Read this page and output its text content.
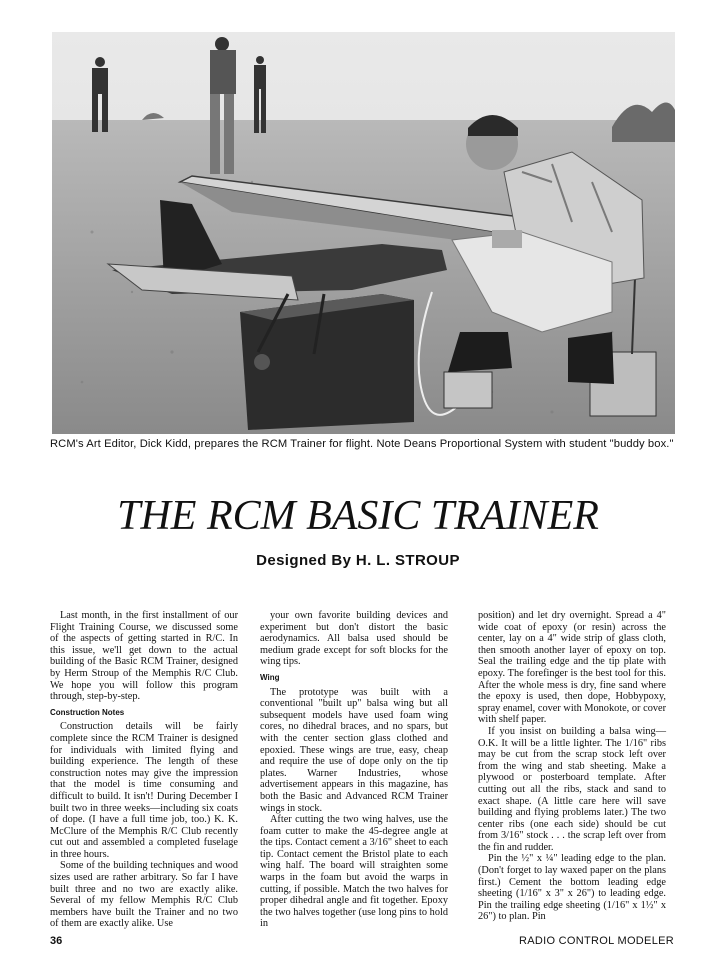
RCM's Art Editor, Dick Kidd, prepares the RCM Trainer for flight. Note Deans Proportional System with student "buddy box."
THE RCM BASIC TRAINER
Designed By H. L. STROUP

Last month, in the first installment of our Flight Training Course, we discussed some of the aspects of getting started in R/C. In this issue, we'll get down to the actual building of the Basic RCM Trainer, designed by Herm Stroup of the Memphis R/C Club. We hope you will follow this program through, step-by-step.

Construction Notes

Construction details will be fairly complete since the RCM Trainer is designed for individuals with limited flying and building experience. The length of these construction notes may give the impression that the model is time consuming and difficult to build. It isn't! During December I built two in three weeks—including six coats of dope. (I have a full time job, too.) K. K. McClure of the Memphis R/C Club recently cut out and assembled a completed fuselage in three hours.

Some of the building techniques and wood sizes used are rather arbitrary. So far I have built three and no two are exactly alike. Several of my fellow Memphis R/C Club members have built the Trainer and no two of them are exactly alike. Use

your own favorite building devices and experiment but don't distort the basic aerodynamics. All balsa used should be medium grade except for soft blocks for the wing tips.

Wing

The prototype was built with a conventional "built up" balsa wing but all subsequent models have used foam wing cores, no dihedral braces, and no spars, but with the center section glass clothed and epoxied. These wings are true, easy, cheap and require the use of dope only on the tip plates. Warner Industries, whose advertisement appears in this magazine, has both the Basic and Advanced RCM Trainer wings in stock.

After cutting the two wing halves, use the foam cutter to make the 45-degree angle at the tips. Contact cement a 3/16" sheet to each tip. Contact cement the Bristol plate to each wing half. The board will straighten some warps in the foam but avoid the warps in cutting, if possible. Match the two halves for proper dihedral angle and fit together. Epoxy the two halves together (use long pins to hold in

position) and let dry overnight. Spread a 4" wide coat of epoxy (or resin) across the center, lay on a 4" wide strip of glass cloth, then smooth another layer of epoxy on top. Seal the trailing edge and the tip plate with epoxy. The forefinger is the best tool for this. After the whole mess is dry, fine sand where the epoxy is used, then dope, Hobbypoxy, spray enamel, cover with Monokote, or cover with shelf paper.

If you insist on building a balsa wing—O.K. It will be a little lighter. The 1/16" ribs may be cut from the scrap stock left over from the wing and stab sheeting. Make a plywood or posterboard template. After cutting out all the ribs, stack and sand to exact shape. (A little care here will save building and flying problems later.) The two center ribs (one each side) should be cut from 3/16" stock . . . the scrap left over from the fin and rudder.

Pin the ½" x ¼" leading edge to the plan. (Don't forget to lay waxed paper on the plans first.) Cement the bottom leading edge sheeting (1/16" x 3" x 26") to leading edge. Pin the trailing edge sheeting (1/16" x 1½" x 26") to plan. Pin

36	RADIO CONTROL MODELER
